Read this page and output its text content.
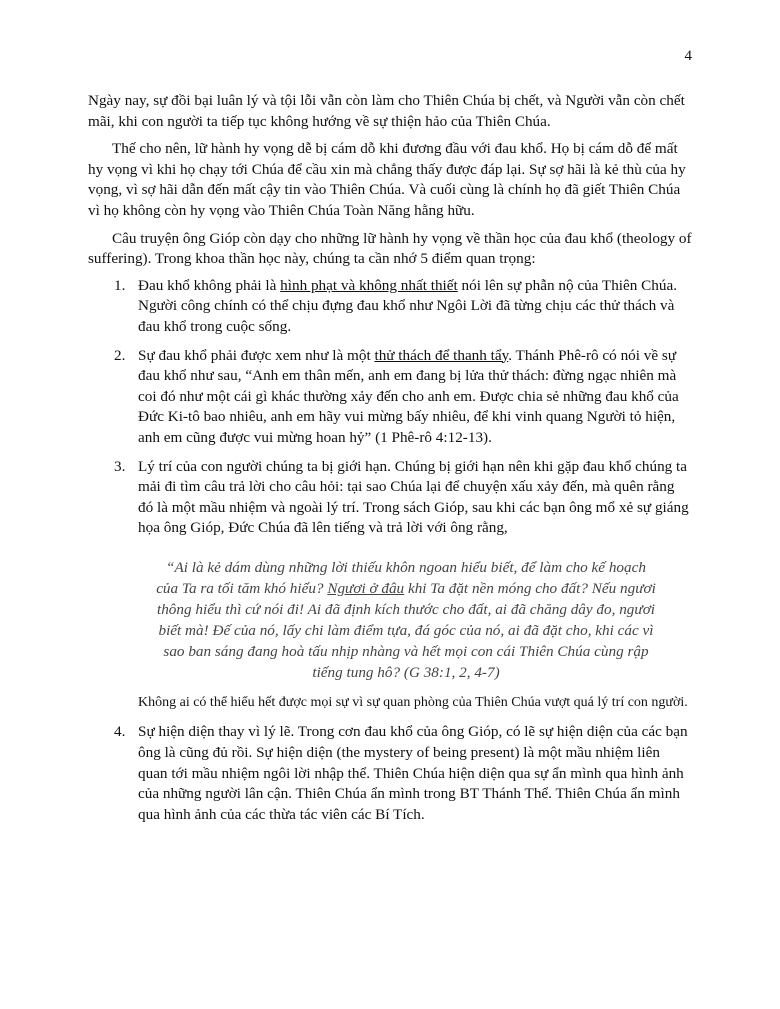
4

Ngày nay, sự đồi bại luân lý và tội lỗi vẫn còn làm cho Thiên Chúa bị chết, và Người vẫn còn chết mãi, khi con người ta tiếp tục không hướng về sự thiện hảo của Thiên Chúa.

Thế cho nên, lữ hành hy vọng dễ bị cám dỗ khi đương đầu với đau khổ. Họ bị cám dỗ để mất hy vọng vì khi họ chạy tới Chúa để cầu xin mà chẳng thấy được đáp lại. Sự sợ hãi là kẻ thù của hy vọng, vì sợ hãi dẫn đến mất cậy tin vào Thiên Chúa. Và cuối cùng là chính họ đã giết Thiên Chúa vì họ không còn hy vọng vào Thiên Chúa Toàn Năng hằng hữu.

Câu truyện ông Gióp còn dạy cho những lữ hành hy vọng về thần học của đau khổ (theology of suffering). Trong khoa thần học này, chúng ta cần nhớ 5 điểm quan trọng:

1. Đau khổ không phải là hình phạt và không nhất thiết nói lên sự phẫn nộ của Thiên Chúa. Người công chính có thể chịu đựng đau khổ như Ngôi Lời đã từng chịu các thử thách và đau khổ trong cuộc sống.
2. Sự đau khổ phải được xem như là một thử thách để thanh tẩy. Thánh Phê-rô có nói về sự đau khổ như sau, “Anh em thân mến, anh em đang bị lửa thử thách: đừng ngạc nhiên mà coi đó như một cái gì khác thường xảy đến cho anh em. Được chia sẻ những đau khổ của Đức Ki-tô bao nhiêu, anh em hãy vui mừng bấy nhiêu, để khi vinh quang Người tỏ hiện, anh em cũng được vui mừng hoan hỷ” (1 Phê-rô 4:12-13).
3. Lý trí của con người chúng ta bị giới hạn. Chúng bị giới hạn nên khi gặp đau khổ chúng ta mải đi tìm câu trả lời cho câu hỏi: tại sao Chúa lại để chuyện xấu xảy đến, mà quên rằng đó là một mầu nhiệm và ngoài lý trí. Trong sách Gióp, sau khi các bạn ông mổ xẻ sự giáng họa ông Gióp, Đức Chúa đã lên tiếng và trả lời với ông rằng,
“Ai là kẻ dám dùng những lời thiếu khôn ngoan hiểu biết, để làm cho kế hoạch của Ta ra tối tăm khó hiểu? Ngươi ở đâu khi Ta đặt nền móng cho đất? Nếu ngươi thông hiểu thì cứ nói đi! Ai đã định kích thước cho đất, ai đã chăng dây đo, ngươi biết mà! Đế của nó, lấy chi làm điểm tựa, đá góc của nó, ai đã đặt cho, khi các vì sao ban sáng đang hoà tấu nhịp nhàng và hết mọi con cái Thiên Chúa cùng rập tiếng tung hô? (G 38:1, 2, 4-7)
Không ai có thể hiểu hết được mọi sự vì sự quan phòng của Thiên Chúa vượt quá lý trí con người.
4. Sự hiện diện thay vì lý lẽ. Trong cơn đau khổ của ông Gióp, có lẽ sự hiện diện của các bạn ông là cũng đủ rồi. Sự hiện diện (the mystery of being present) là một mầu nhiệm liên quan tới mầu nhiệm ngôi lời nhập thể. Thiên Chúa hiện diện qua sự ẩn mình qua hình ảnh của những người lân cận. Thiên Chúa ẩn mình trong BT Thánh Thể. Thiên Chúa ẩn mình qua hình ảnh của các thừa tác viên các Bí Tích.
